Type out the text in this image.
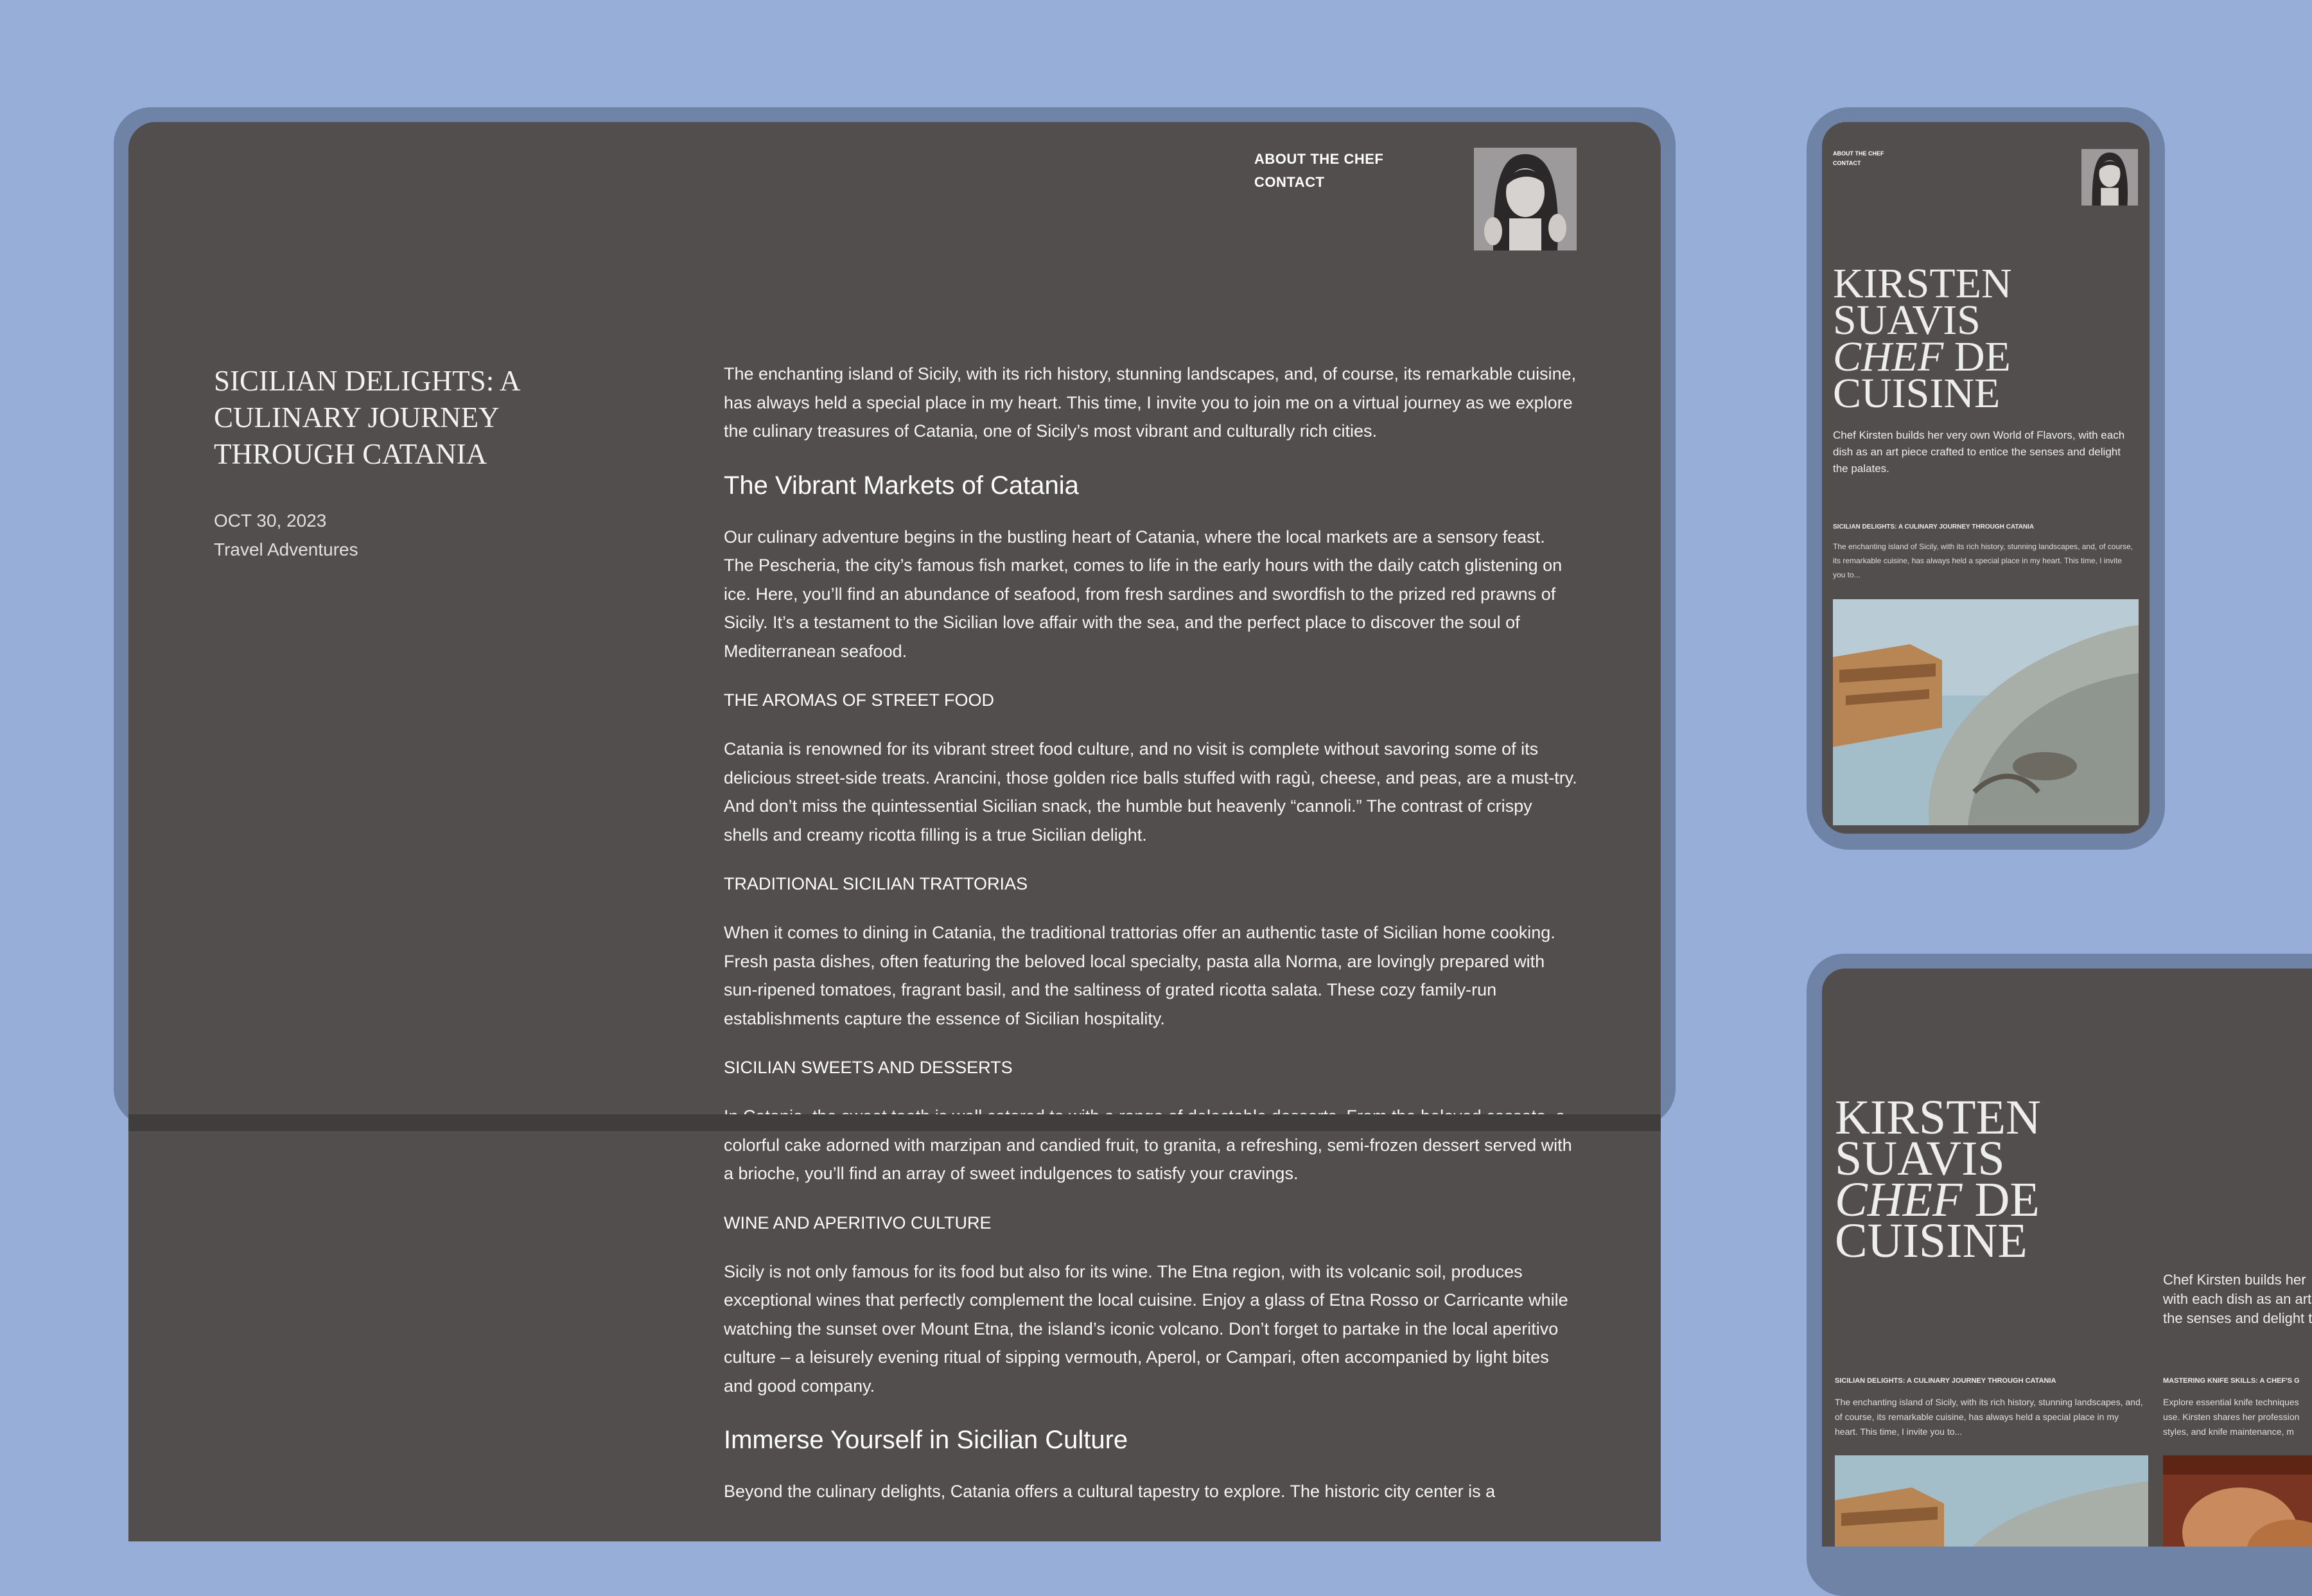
ABOUT THE CHEF
CONTACT
SICILIAN DELIGHTS: A CULINARY JOURNEY THROUGH CATANIA
OCT 30, 2023
Travel Adventures

The enchanting island of Sicily, with its rich history, stunning landscapes, and, of course, its remarkable cuisine, has always held a special place in my heart. This time, I invite you to join me on a virtual journey as we explore the culinary treasures of Catania, one of Sicily’s most vibrant and culturally rich cities.

The Vibrant Markets of Catania

Our culinary adventure begins in the bustling heart of Catania, where the local markets are a sensory feast. The Pescheria, the city’s famous fish market, comes to life in the early hours with the daily catch glistening on ice. Here, you’ll find an abundance of seafood, from fresh sardines and swordfish to the prized red prawns of Sicily. It’s a testament to the Sicilian love affair with the sea, and the perfect place to discover the soul of Mediterranean seafood.

THE AROMAS OF STREET FOOD

Catania is renowned for its vibrant street food culture, and no visit is complete without savoring some of its delicious street-side treats. Arancini, those golden rice balls stuffed with ragù, cheese, and peas, are a must-try. And don’t miss the quintessential Sicilian snack, the humble but heavenly “cannoli.” The contrast of crispy shells and creamy ricotta filling is a true Sicilian delight.

TRADITIONAL SICILIAN TRATTORIAS

When it comes to dining in Catania, the traditional trattorias offer an authentic taste of Sicilian home cooking. Fresh pasta dishes, often featuring the beloved local specialty, pasta alla Norma, are lovingly prepared with sun-ripened tomatoes, fragrant basil, and the saltiness of grated ricotta salata. These cozy family-run establishments capture the essence of Sicilian hospitality.

SICILIAN SWEETS AND DESSERTS

colorful cake adorned with marzipan and candied fruit, to granita, a refreshing, semi-frozen dessert served with a brioche, you’ll find an array of sweet indulgences to satisfy your cravings.

WINE AND APERITIVO CULTURE

Sicily is not only famous for its food but also for its wine. The Etna region, with its volcanic soil, produces exceptional wines that perfectly complement the local cuisine. Enjoy a glass of Etna Rosso or Carricante while watching the sunset over Mount Etna, the island’s iconic volcano. Don’t forget to partake in the local aperitivo culture – a leisurely evening ritual of sipping vermouth, Aperol, or Campari, often accompanied by light bites and good company.

Immerse Yourself in Sicilian Culture

Beyond the culinary delights, Catania offers a cultural tapestry to explore. The historic city center is a

ABOUT THE CHEF
CONTACT
KIRSTEN
SUAVIS
CHEF DE
CUISINE
Chef Kirsten builds her very own World of Flavors, with each dish as an art piece crafted to entice the senses and delight the palates.
SICILIAN DELIGHTS: A CULINARY JOURNEY THROUGH CATANIA
The enchanting island of Sicily, with its rich history, stunning landscapes, and, of course, its remarkable cuisine, has always held a special place in my heart. This time, I invite you to...
KIRSTEN
SUAVIS
CHEF DE
CUISINE
Chef Kirsten builds her
with each dish as an art
the senses and delight t
SICILIAN DELIGHTS: A CULINARY JOURNEY THROUGH CATANIA
The enchanting island of Sicily, with its rich history, stunning landscapes, and, of course, its remarkable cuisine, has always held a special place in my heart. This time, I invite you to...
MASTERING KNIFE SKILLS: A CHEF'S G
Explore essential knife techniques
use. Kirsten shares her profession
styles, and knife maintenance, m
